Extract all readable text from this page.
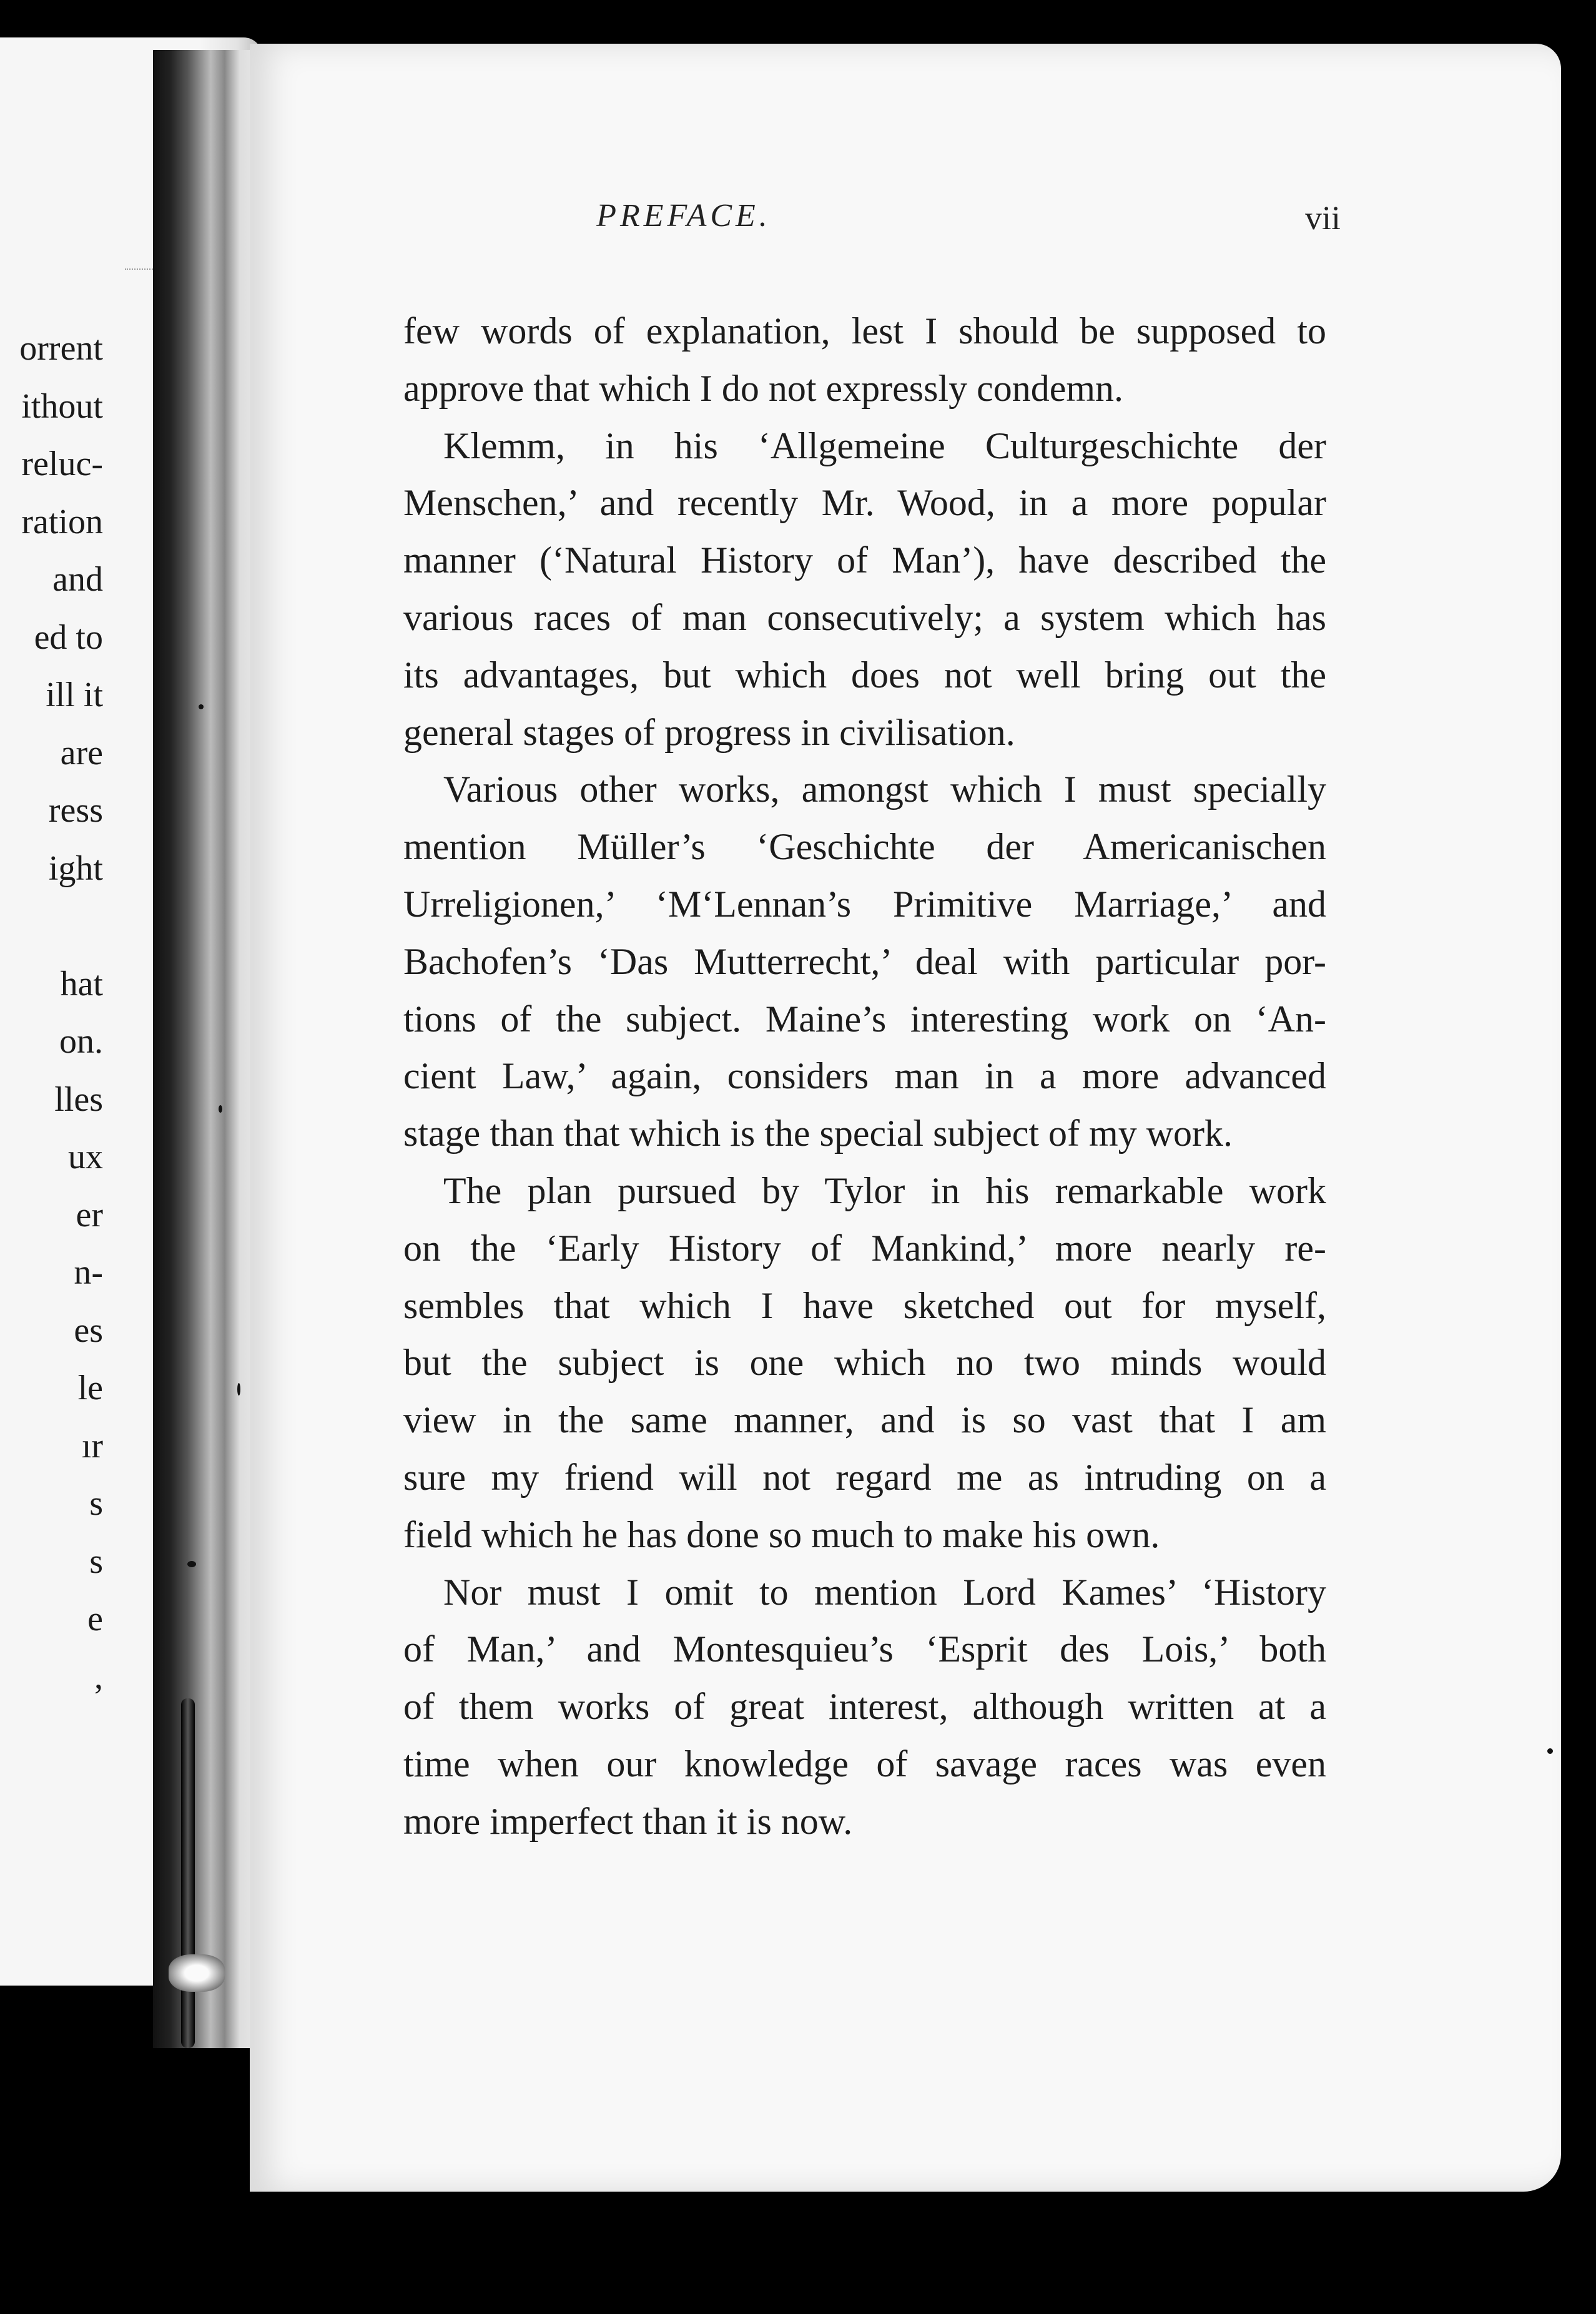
orrent
ithout
reluc-
ration
and
ed to
ill it
are
ress
ight
hat
on.
lles
ux
er
n-
es
le
ır
s
s
e
,
PREFACE.	vii
few words of explanation, lest I should be supposed to
approve that which I do not expressly condemn.
Klemm, in his ‘Allgemeine Culturgeschichte der
Menschen,’ and recently Mr. Wood, in a more popular
manner (‘Natural History of Man’), have described the
various races of man consecutively; a system which has
its advantages, but which does not well bring out the
general stages of progress in civilisation.
Various other works, amongst which I must specially
mention Müller’s ‘Geschichte der Americanischen
Urreligionen,’ ‘M‘Lennan’s Primitive Marriage,’ and
Bachofen’s ‘Das Mutterrecht,’ deal with particular por-
tions of the subject. Maine’s interesting work on ‘An-
cient Law,’ again, considers man in a more advanced
stage than that which is the special subject of my work.
The plan pursued by Tylor in his remarkable work
on the ‘Early History of Mankind,’ more nearly re-
sembles that which I have sketched out for myself,
but the subject is one which no two minds would
view in the same manner, and is so vast that I am
sure my friend will not regard me as intruding on a
field which he has done so much to make his own.
Nor must I omit to mention Lord Kames’ ‘History
of Man,’ and Montesquieu’s ‘Esprit des Lois,’ both
of them works of great interest, although written at a
time when our knowledge of savage races was even
more imperfect than it is now.
